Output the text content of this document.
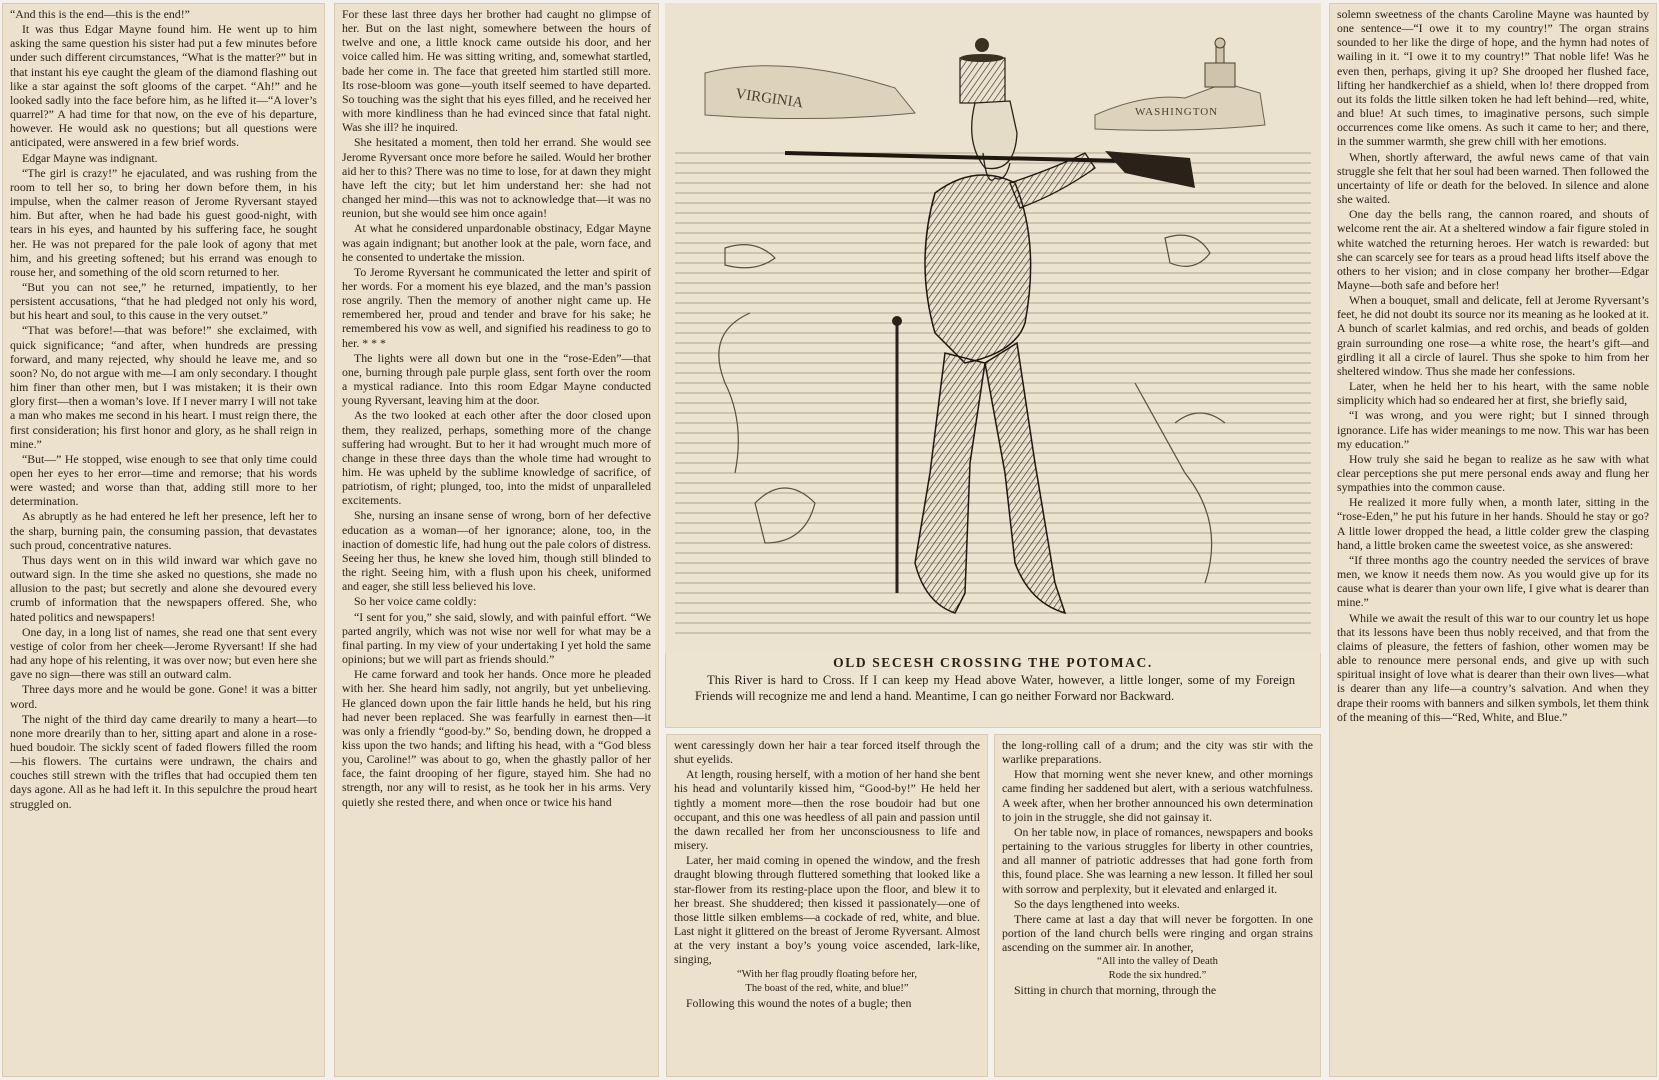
“And this is the end—this is the end!”

It was thus Edgar Mayne found him. He went up to him asking the same question his sister had put a few minutes before under such different circumstances, “What is the matter?” but in that instant his eye caught the gleam of the diamond flashing out like a star against the soft glooms of the carpet. “Ah!” and he looked sadly into the face before him, as he lifted it—“A lover’s quarrel?” A had time for that now, on the eve of his departure, however. He would ask no questions; but all questions were anticipated, were answered in a few brief words.

Edgar Mayne was indignant.

“The girl is crazy!” he ejaculated, and was rushing from the room to tell her so, to bring her down before them, in his impulse, when the calmer reason of Jerome Ryversant stayed him. But after, when he had bade his guest good-night, with tears in his eyes, and haunted by his suffering face, he sought her. He was not prepared for the pale look of agony that met him, and his greeting softened; but his errand was enough to rouse her, and something of the old scorn returned to her.

“But you can not see,” he returned, impatiently, to her persistent accusations, “that he had pledged not only his word, but his heart and soul, to this cause in the very outset.”

“That was before!—that was before!” she exclaimed, with quick significance; “and after, when hundreds are pressing forward, and many rejected, why should he leave me, and so soon? No, do not argue with me—I am only secondary. I thought him finer than other men, but I was mistaken; it is their own glory first—then a woman’s love. If I never marry I will not take a man who makes me second in his heart. I must reign there, the first consideration; his first honor and glory, as he shall reign in mine.”

“But—” He stopped, wise enough to see that only time could open her eyes to her error—time and remorse; that his words were wasted; and worse than that, adding still more to her determination.

As abruptly as he had entered he left her presence, left her to the sharp, burning pain, the consuming passion, that devastates such proud, concentrative natures.

Thus days went on in this wild inward war which gave no outward sign. In the time she asked no questions, she made no allusion to the past; but secretly and alone she devoured every crumb of information that the newspapers offered. She, who hated politics and newspapers!

One day, in a long list of names, she read one that sent every vestige of color from her cheek—Jerome Ryversant! If she had had any hope of his relenting, it was over now; but even here she gave no sign—there was still an outward calm.

Three days more and he would be gone. Gone! it was a bitter word.

The night of the third day came drearily to many a heart—to none more drearily than to her, sitting apart and alone in a rose-hued boudoir. The sickly scent of faded flowers filled the room—his flowers. The curtains were undrawn, the chairs and couches still strewn with the trifles that had occupied them ten days agone. All as he had left it. In this sepulchre the proud heart struggled on.

For these last three days her brother had caught no glimpse of her. But on the last night, somewhere between the hours of twelve and one, a little knock came outside his door, and her voice called him. He was sitting writing, and, somewhat startled, bade her come in. The face that greeted him startled still more. Its rose-bloom was gone—youth itself seemed to have departed. So touching was the sight that his eyes filled, and he received her with more kindliness than he had evinced since that fatal night. Was she ill? he inquired.

She hesitated a moment, then told her errand. She would see Jerome Ryversant once more before he sailed. Would her brother aid her to this? There was no time to lose, for at dawn they might have left the city; but let him understand her: she had not changed her mind—this was not to acknowledge that—it was no reunion, but she would see him once again!

At what he considered unpardonable obstinacy, Edgar Mayne was again indignant; but another look at the pale, worn face, and he consented to undertake the mission.

To Jerome Ryversant he communicated the letter and spirit of her words. For a moment his eye blazed, and the man’s passion rose angrily. Then the memory of another night came up. He remembered her, proud and tender and brave for his sake; he remembered his vow as well, and signified his readiness to go to her. * * *

The lights were all down but one in the “rose-Eden”—that one, burning through pale purple glass, sent forth over the room a mystical radiance. Into this room Edgar Mayne conducted young Ryversant, leaving him at the door.

As the two looked at each other after the door closed upon them, they realized, perhaps, something more of the change suffering had wrought. But to her it had wrought much more of change in these three days than the whole time had wrought to him. He was upheld by the sublime knowledge of sacrifice, of patriotism, of right; plunged, too, into the midst of unparalleled excitements.

She, nursing an insane sense of wrong, born of her defective education as a woman—of her ignorance; alone, too, in the inaction of domestic life, had hung out the pale colors of distress. Seeing her thus, he knew she loved him, though still blinded to the right. Seeing him, with a flush upon his cheek, uniformed and eager, she still less believed his love.

So her voice came coldly:

“I sent for you,” she said, slowly, and with painful effort. “We parted angrily, which was not wise nor well for what may be a final parting. In my view of your undertaking I yet hold the same opinions; but we will part as friends should.”

He came forward and took her hands. Once more he pleaded with her. She heard him sadly, not angrily, but yet unbelieving. He glanced down upon the fair little hands he held, but his ring had never been replaced. She was fearfully in earnest then—it was only a friendly “good-by.” So, bending down, he dropped a kiss upon the two hands; and lifting his head, with a “God bless you, Caroline!” was about to go, when the ghastly pallor of her face, the faint drooping of her figure, stayed him. She had no strength, nor any will to resist, as he took her in his arms. Very quietly she rested there, and when once or twice his hand

VIRGINIA
WASHINGTON
OLD SECESH CROSSING THE POTOMAC.

This River is hard to Cross. If I can keep my Head above Water, however, a little longer, some of my Foreign Friends will recognize me and lend a hand. Meantime, I can go neither Forward nor Backward.

went caressingly down her hair a tear forced itself through the shut eyelids.

At length, rousing herself, with a motion of her hand she bent his head and voluntarily kissed him, “Good-by!” He held her tightly a moment more—then the rose boudoir had but one occupant, and this one was heedless of all pain and passion until the dawn recalled her from her unconsciousness to life and misery.

Later, her maid coming in opened the window, and the fresh draught blowing through fluttered something that looked like a star-flower from its resting-place upon the floor, and blew it to her breast. She shuddered; then kissed it passionately—one of those little silken emblems—a cockade of red, white, and blue. Last night it glittered on the breast of Jerome Ryversant. Almost at the very instant a boy’s young voice ascended, lark-like, singing,

“With her flag proudly floating before her,

The boast of the red, white, and blue!”

Following this wound the notes of a bugle; then

the long-rolling call of a drum; and the city was stir with the warlike preparations.

How that morning went she never knew, and other mornings came finding her saddened but alert, with a serious watchfulness. A week after, when her brother announced his own determination to join in the struggle, she did not gainsay it.

On her table now, in place of romances, newspapers and books pertaining to the various struggles for liberty in other countries, and all manner of patriotic addresses that had gone forth from this, found place. She was learning a new lesson. It filled her soul with sorrow and perplexity, but it elevated and enlarged it.

So the days lengthened into weeks.

There came at last a day that will never be forgotten. In one portion of the land church bells were ringing and organ strains ascending on the summer air. In another,

“All into the valley of Death

Rode the six hundred.”

Sitting in church that morning, through the

solemn sweetness of the chants Caroline Mayne was haunted by one sentence—“I owe it to my country!” The organ strains sounded to her like the dirge of hope, and the hymn had notes of wailing in it. “I owe it to my country!” That noble life! Was he even then, perhaps, giving it up? She drooped her flushed face, lifting her handkerchief as a shield, when lo! there dropped from out its folds the little silken token he had left behind—red, white, and blue! At such times, to imaginative persons, such simple occurrences come like omens. As such it came to her; and there, in the summer warmth, she grew chill with her emotions.

When, shortly afterward, the awful news came of that vain struggle she felt that her soul had been warned. Then followed the uncertainty of life or death for the beloved. In silence and alone she waited.

One day the bells rang, the cannon roared, and shouts of welcome rent the air. At a sheltered window a fair figure stoled in white watched the returning heroes. Her watch is rewarded: but she can scarcely see for tears as a proud head lifts itself above the others to her vision; and in close company her brother—Edgar Mayne—both safe and before her!

When a bouquet, small and delicate, fell at Jerome Ryversant’s feet, he did not doubt its source nor its meaning as he looked at it. A bunch of scarlet kalmias, and red orchis, and beads of golden grain surrounding one rose—a white rose, the heart’s gift—and girdling it all a circle of laurel. Thus she spoke to him from her sheltered window. Thus she made her confessions.

Later, when he held her to his heart, with the same noble simplicity which had so endeared her at first, she briefly said,

“I was wrong, and you were right; but I sinned through ignorance. Life has wider meanings to me now. This war has been my education.”

How truly she said he began to realize as he saw with what clear perceptions she put mere personal ends away and flung her sympathies into the common cause.

He realized it more fully when, a month later, sitting in the “rose-Eden,” he put his future in her hands. Should he stay or go? A little lower dropped the head, a little colder grew the clasping hand, a little broken came the sweetest voice, as she answered:

“If three months ago the country needed the services of brave men, we know it needs them now. As you would give up for its cause what is dearer than your own life, I give what is dearer than mine.”

While we await the result of this war to our country let us hope that its lessons have been thus nobly received, and that from the claims of pleasure, the fetters of fashion, other women may be able to renounce mere personal ends, and give up with such spiritual insight of love what is dearer than their own lives—what is dearer than any life—a country’s salvation. And when they drape their rooms with banners and silken symbols, let them think of the meaning of this—“Red, White, and Blue.”
